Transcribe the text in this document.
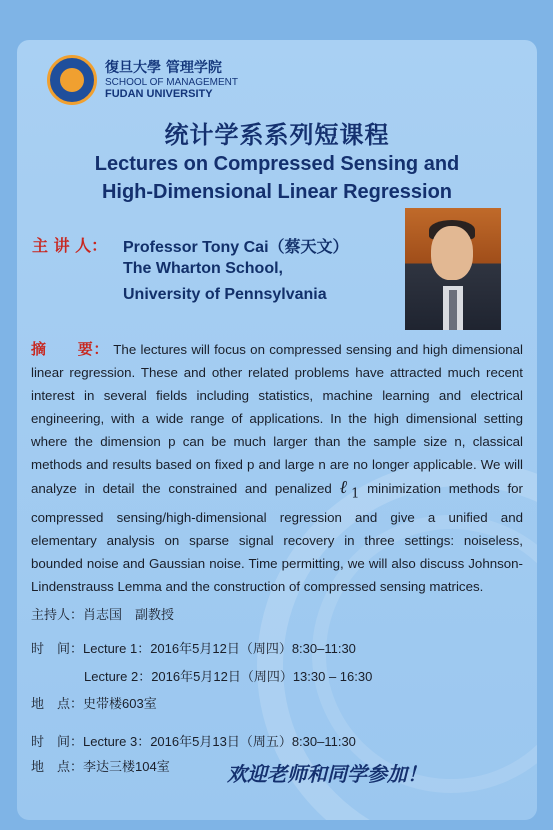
復旦大學 管理学院
SCHOOL OF MANAGEMENT
FUDAN UNIVERSITY
统计学系系列短课程
Lectures on Compressed Sensing and
High-Dimensional Linear Regression
主 讲 人： Professor Tony Cai（蔡天文）
The Wharton School,
University of Pennsylvania
摘　　要： The lectures will focus on compressed sensing and high dimensional linear regression. These and other related problems have attracted much recent interest in several fields including statistics, machine learning and electrical engineering, with a wide range of applications. In the high dimensional setting where the dimension p can be much larger than the sample size n, classical methods and results based on fixed p and large n are no longer applicable. We will analyze in detail the constrained and penalized ℓ$_1$ minimization methods for compressed sensing/high-dimensional regression and give a unified and elementary analysis on sparse signal recovery in three settings: noiseless, bounded noise and Gaussian noise. Time permitting, we will also discuss Johnson-Lindenstrauss Lemma and the construction of compressed sensing matrices.
主持人：肖志国　副教授
时　间：Lecture 1：2016年5月12日（周四）8:30–11:30
Lecture 2：2016年5月12日（周四）13:30 – 16:30
地　点：史带楼603室
时　间：Lecture 3：2016年5月13日（周五）8:30–11:30
地　点：李达三楼104室	欢迎老师和同学参加！
